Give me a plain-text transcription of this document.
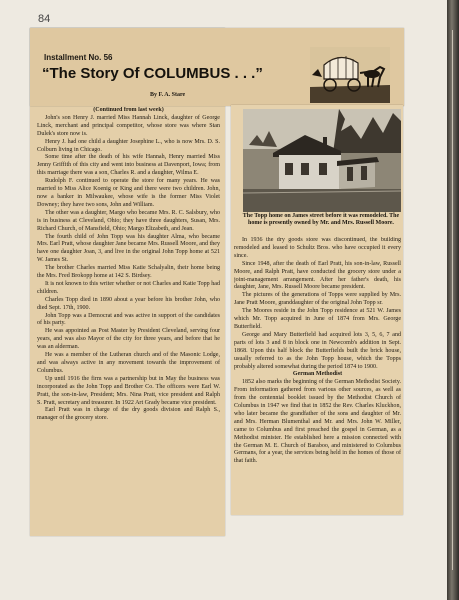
84
Installment No. 56
“The Story Of COLUMBUS . . .”
By F. A. Stare

(Continued from last week)

John's son Henry J. married Miss Hannah Linck, daughter of George Linck, merchant and principal competitor, whose store was where Stan Dulek's store now is.

Henry J. had one child a daughter Josephine L., who is now Mrs. D. S. Colburn living in Chicago.

Some time after the death of his wife Hannah, Henry married Miss Jenny Griffith of this city and went into business at Davenport, Iowa; from this marriage there was a son, Charles R. and a daughter, Wilma E.

Rudolph F. continued to operate the store for many years. He was married to Miss Alice Koenig or King and there were two children. John, now a banker in Milwaukee, whose wife is the former Miss Violet Downey; they have two sons, John and William.

The other was a daughter, Margo who became Mrs. R. C. Salsbury, who is in business at Cleveland, Ohio; they have three daughters, Susan, Mrs. Richard Church, of Mansfield, Ohio; Margo Elizabeth, and Jean.

The fourth child of John Topp was his daughter Alma, who became Mrs. Earl Pratt, whose daughter Jane became Mrs. Russell Moore, and they have one daughter Joan, 3, and live in the original John Topp home at 521 W. James St.

The brother Charles married Miss Katie Schalyalin, their home being the Mrs. Fred Brokopp home at 142 S. Birdsey.

It is not known to this writer whether or not Charles and Katie Topp had children.

Charles Topp died in 1890 about a year before his brother John, who died Sept. 17th, 1900.

John Topp was a Democrat and was active in support of the candidates of his party.

He was appointed as Post Master by President Cleveland, serving four years, and was also Mayor of the city for three years, and before that he was an alderman.

He was a member of the Lutheran church and of the Masonic Lodge, and was always active in any movement towards the improvement of Columbus.

Up until 1916 the firm was a partnership but in May the business was incorporated as the John Topp and Brother Co. The officers were Earl W. Pratt, the son-in-law, President; Mrs. Nina Pratt, vice president and Ralph S. Pratt, secretary and treasurer. In 1922 Art Grady became vice president.

Earl Pratt was in charge of the dry goods division and Ralph S., manager of the grocery store.

The Topp home on James street before it was remodeled. The home is presently owned by Mr. and Mrs. Russell Moore.

In 1936 the dry goods store was discontinued, the building remodeled and leased to Schultz Bros. who have occupied it every since.

Since 1948, after the death of Earl Pratt, his son-in-law, Russell Moore, and Ralph Pratt, have conducted the grocery store under a joint-management arrangement. After her father's death, his daughter, Jane, Mrs. Russell Moore became president.

The pictures of the generations of Topps were supplied by Mrs. Jane Pratt Moore, granddaughter of the original John Topp sr.

The Moores reside in the John Topp residence at 521 W. James which Mr. Topp acquired in June of 1874 from Mrs. George Butterfield.

George and Mary Butterfield had acquired lots 3, 5, 6, 7 and parts of lots 3 and 8 in block one in Newcomb's addition in Sept. 1868. Upon this half block the Butterfields built the brick house, usually referred to as the John Topp house, which the Topps probably altered somewhat during the period 1874 to 1900.

German Methodist

1852 also marks the beginning of the German Methodist Society. From information gathered from various other sources, as well as from the centennial booklet issued by the Methodist Church of Columbus in 1947 we find that in 1852 the Rev. Charles Kluckhon, who later became the grandfather of the sons and daughter of Mr. and Mrs. Herman Blumenthal and Mr. and Mrs. John W. Miller, came to Columbus and first preached the gospel in German, as a Methodist minister. He established here a mission connected with the German M. E. Church of Baraboo, and ministered to Columbus Germans, for a year, the services being held in the homes of those of that faith.
